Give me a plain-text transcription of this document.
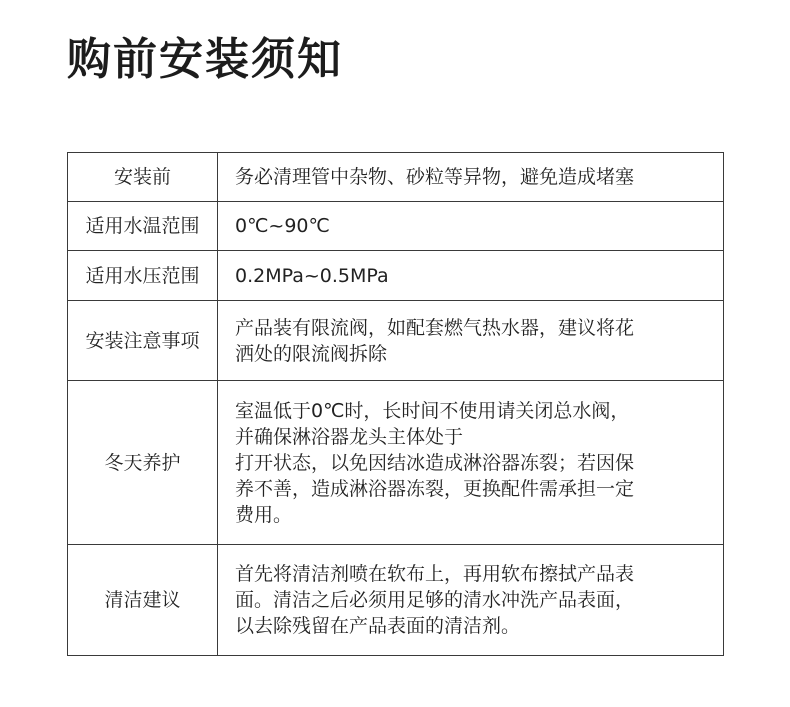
购前安装须知
安装前	务必清理管中杂物、砂粒等异物，避免造成堵塞

适用水温范围	0℃~90℃

适用水压范围	0.2MPa~0.5MPa

安装注意事项	产品装有限流阀，如配套燃气热水器，建议将花
洒处的限流阀拆除

冬天养护	室温低于0℃时，长时间不使用请关闭总水阀，
并确保淋浴器龙头主体处于
打开状态，以免因结冰造成淋浴器冻裂；若因保
养不善，造成淋浴器冻裂，更换配件需承担一定
费用。

清洁建议	首先将清洁剂喷在软布上，再用软布擦拭产品表
面。清洁之后必须用足够的清水冲洗产品表面，
以去除残留在产品表面的清洁剂。
